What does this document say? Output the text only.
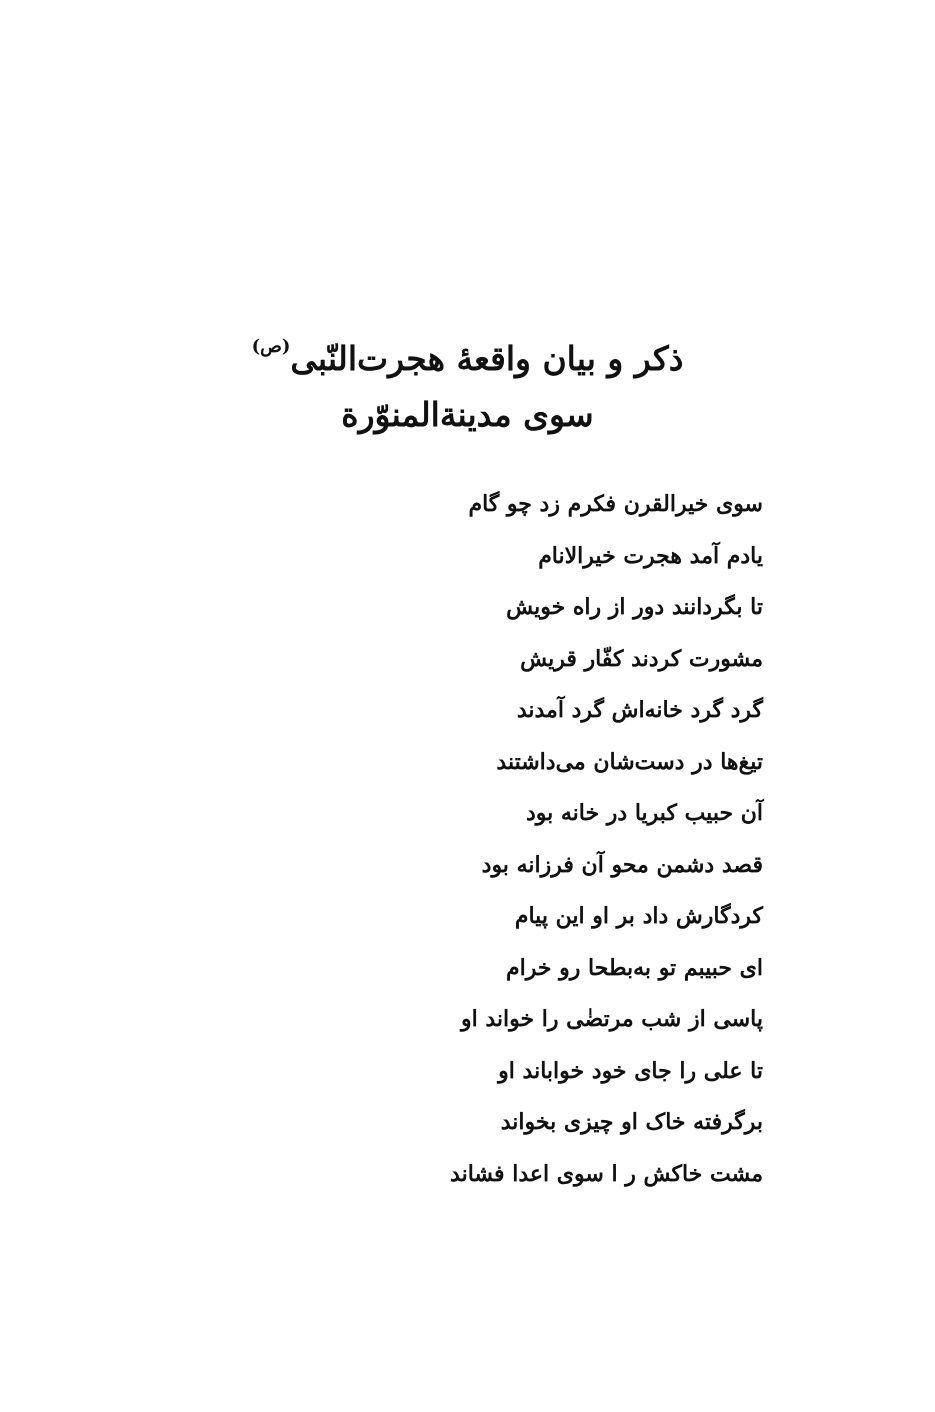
ذکر و بیان واقعۀ هجرت‌النّبی$^{(ص)}$
سوی مدینة‌المنوّرة
سوی خیرالقرن فکرم زد چو گام
یادم آمد هجرت خیرالانام
تا بگردانند دور از راه خویش
مشورت کردند کفّار قریش
گرد گرد خانه‌اش گرد آمدند
تیغ‌ها در دست‌شان می‌داشتند
آن حبیب کبریا در خانه بود
قصد دشمن محو آن فرزانه بود
کردگارش داد بر او این پیام
ای حبیبم تو به‌بطحا رو خرام
پاسی از شب مرتضٰی را خواند او
تا علی را جای خود خواباند او
برگرفته خاک او چیزی بخواند
مشت خاکش ر ا سوی اعدا فشاند
